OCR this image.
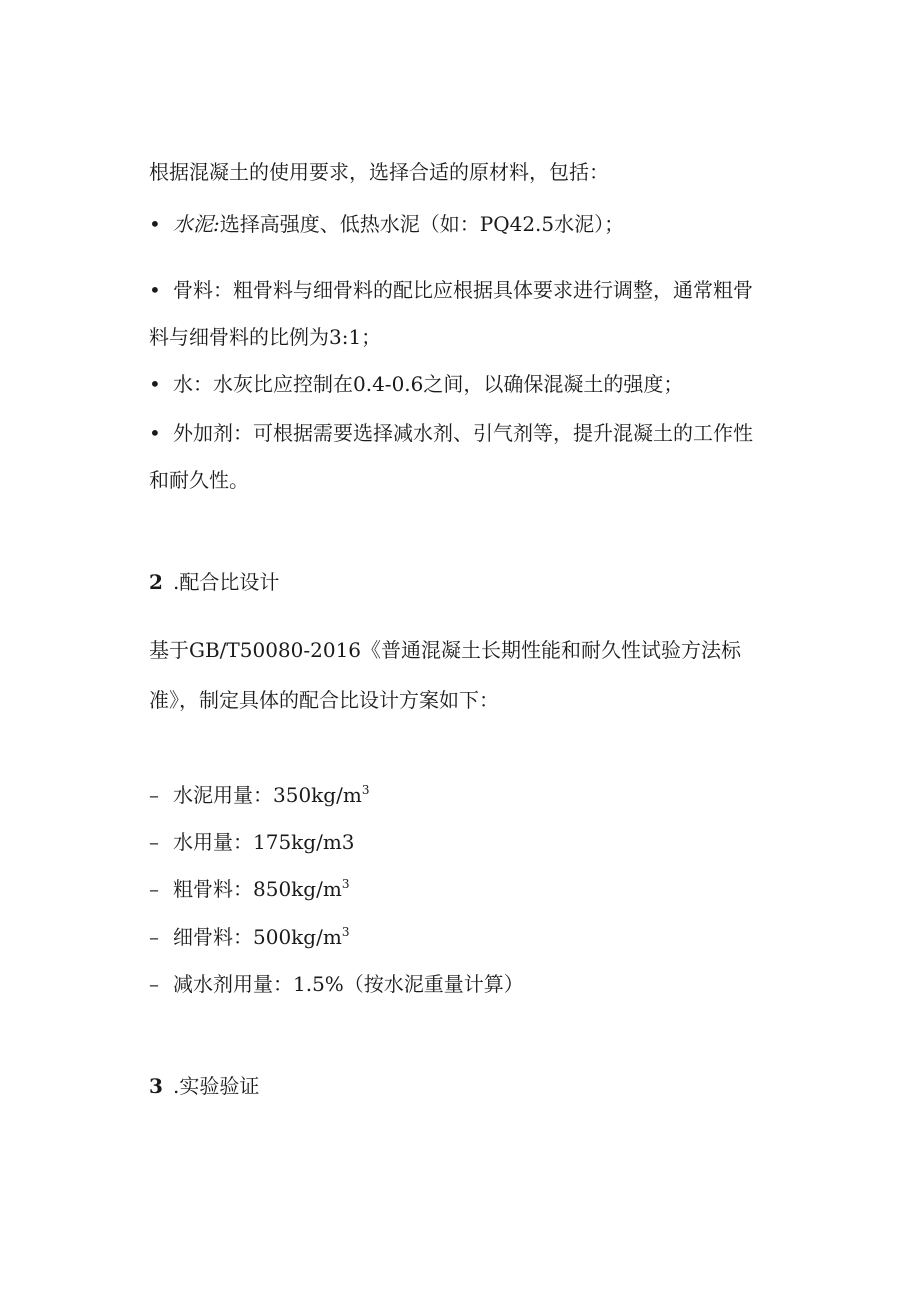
根据混凝土的使用要求，选择合适的原材料，包括：
• 水泥:选择高强度、低热水泥（如：PQ42.5水泥）；
• 骨料：粗骨料与细骨料的配比应根据具体要求进行调整，通常粗骨
料与细骨料的比例为3:1；
• 水：水灰比应控制在0.4-0.6之间，以确保混凝土的强度；
• 外加剂：可根据需要选择减水剂、引气剂等，提升混凝土的工作性
和耐久性。
2 .配合比设计
基于GB/T50080-2016《普通混凝土长期性能和耐久性试验方法标
准》，制定具体的配合比设计方案如下：
– 水泥用量：$350kg∕m^3$
– 水用量：175kg∕m3
– 粗骨料：$850kg∕m^3$
– 细骨料：$500kg∕m^3$
– 减水剂用量：1.5%（按水泥重量计算）
3 .实验验证
